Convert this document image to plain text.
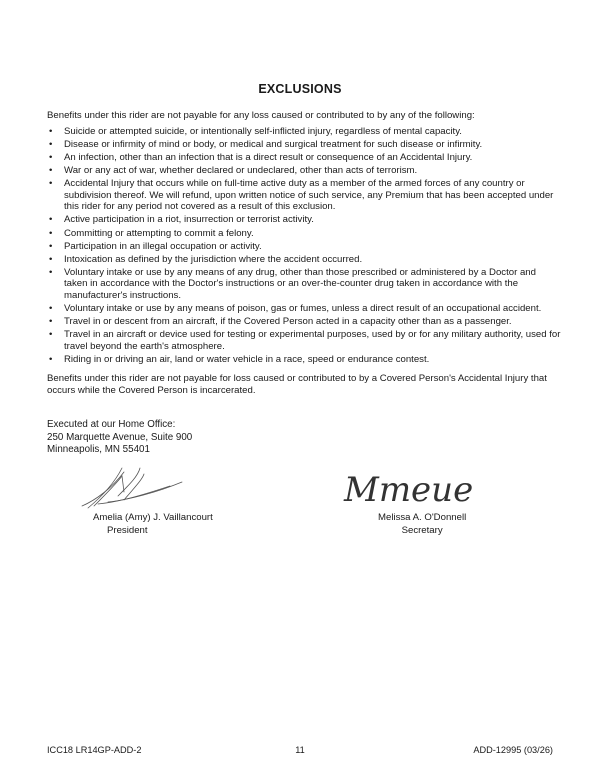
EXCLUSIONS
Benefits under this rider are not payable for any loss caused or contributed to by any of the following:
• Suicide or attempted suicide, or intentionally self-inflicted injury, regardless of mental capacity.
• Disease or infirmity of mind or body, or medical and surgical treatment for such disease or infirmity.
• An infection, other than an infection that is a direct result or consequence of an Accidental Injury.
• War or any act of war, whether declared or undeclared, other than acts of terrorism.
• Accidental Injury that occurs while on full-time active duty as a member of the armed forces of any country or subdivision thereof. We will refund, upon written notice of such service, any Premium that has been accepted under this rider for any period not covered as a result of this exclusion.
• Active participation in a riot, insurrection or terrorist activity.
• Committing or attempting to commit a felony.
• Participation in an illegal occupation or activity.
• Intoxication as defined by the jurisdiction where the accident occurred.
• Voluntary intake or use by any means of any drug, other than those prescribed or administered by a Doctor and taken in accordance with the Doctor's instructions or an over-the-counter drug taken in accordance with the manufacturer's instructions.
• Voluntary intake or use by any means of poison, gas or fumes, unless a direct result of an occupational accident.
• Travel in or descent from an aircraft, if the Covered Person acted in a capacity other than as a passenger.
• Travel in an aircraft or device used for testing or experimental purposes, used by or for any military authority, used for travel beyond the earth's atmosphere.
• Riding in or driving an air, land or water vehicle in a race, speed or endurance contest.
Benefits under this rider are not payable for loss caused or contributed to by a Covered Person's Accidental Injury that occurs while the Covered Person is incarcerated.
Executed at our Home Office:
250 Marquette Avenue, Suite 900
Minneapolis, MN 55401
Mmeue
Amelia (Amy) J. Vaillancourt
President
Melissa A. O'Donnell
Secretary
ICC18 LR14GP-ADD-2	11	ADD-12995 (03/26)
